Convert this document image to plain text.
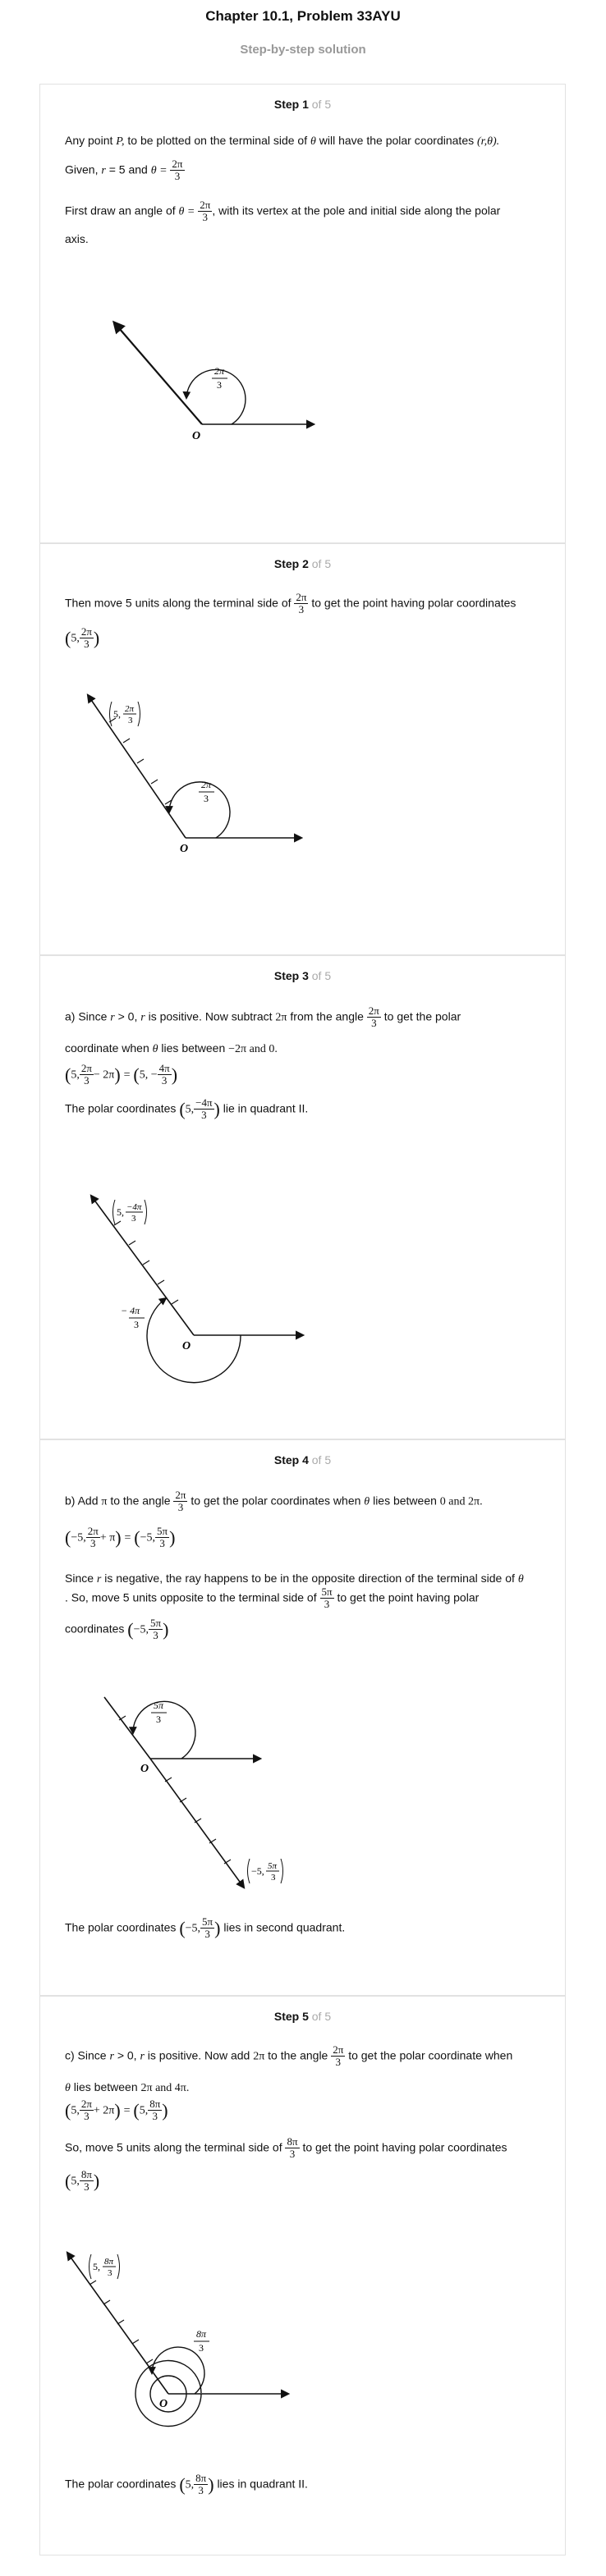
Chapter 10.1, Problem 33AYU
Step-by-step solution
Step 1 of 5
Any point P, to be plotted on the terminal side of θ will have the polar coordinates (r,θ).
Given, r = 5 and $\theta = \frac{2\pi}{3}$
First draw an angle of $\theta = \frac{2\pi}{3}$ , with its vertex at the pole and initial side along the polar
axis.
2π
3
O
Step 2 of 5
Then move 5 units along the terminal side of $\frac{2\pi}{3}$ to get the point having polar coordinates
(5, $\frac{2\pi}{3}$ )
2π
3
O
5, 2π
3
Step 3 of 5
a) Since r > 0, r is positive. Now subtract 2π from the angle $\frac{2\pi}{3}$ to get the polar
coordinate when θ lies between −2π and 0.
(5, $\frac{2\pi}{3} - 2\pi) = (5$, − $\frac{4\pi}{3}$ )
The polar coordinates (5, $\frac{-4\pi}{3}$ ) lie in quadrant II.
− 4π
3
O
5, −4π
3
Step 4 of 5
b) Add π to the angle $\frac{2\pi}{3}$ to get the polar coordinates when θ lies between 0 and 2π.
(−5, $\frac{2\pi}{3} + \pi) = (-5$, $\frac{5\pi}{3}$ )
Since r is negative, the ray happens to be in the opposite direction of the terminal side of θ
. So, move 5 units opposite to the terminal side of $\frac{5\pi}{3}$ to get the point having polar
coordinates (−5, $\frac{5\pi}{3}$ )
5π
3
O
−5, 5π
3
The polar coordinates (−5, $\frac{5\pi}{3}$ ) lies in second quadrant.
Step 5 of 5
c) Since r > 0, r is positive. Now add 2π to the angle $\frac{2\pi}{3}$ to get the polar coordinate when
θ lies between 2π and 4π.
(5, $\frac{2\pi}{3} + 2\pi) = (5$, $\frac{8\pi}{3}$ )
So, move 5 units along the terminal side of $\frac{8\pi}{3}$ to get the point having polar coordinates
(5, $\frac{8\pi}{3}$ )
8π
3
O
5, 8π
3
The polar coordinates (5, $\frac{8\pi}{3}$ ) lies in quadrant II.
